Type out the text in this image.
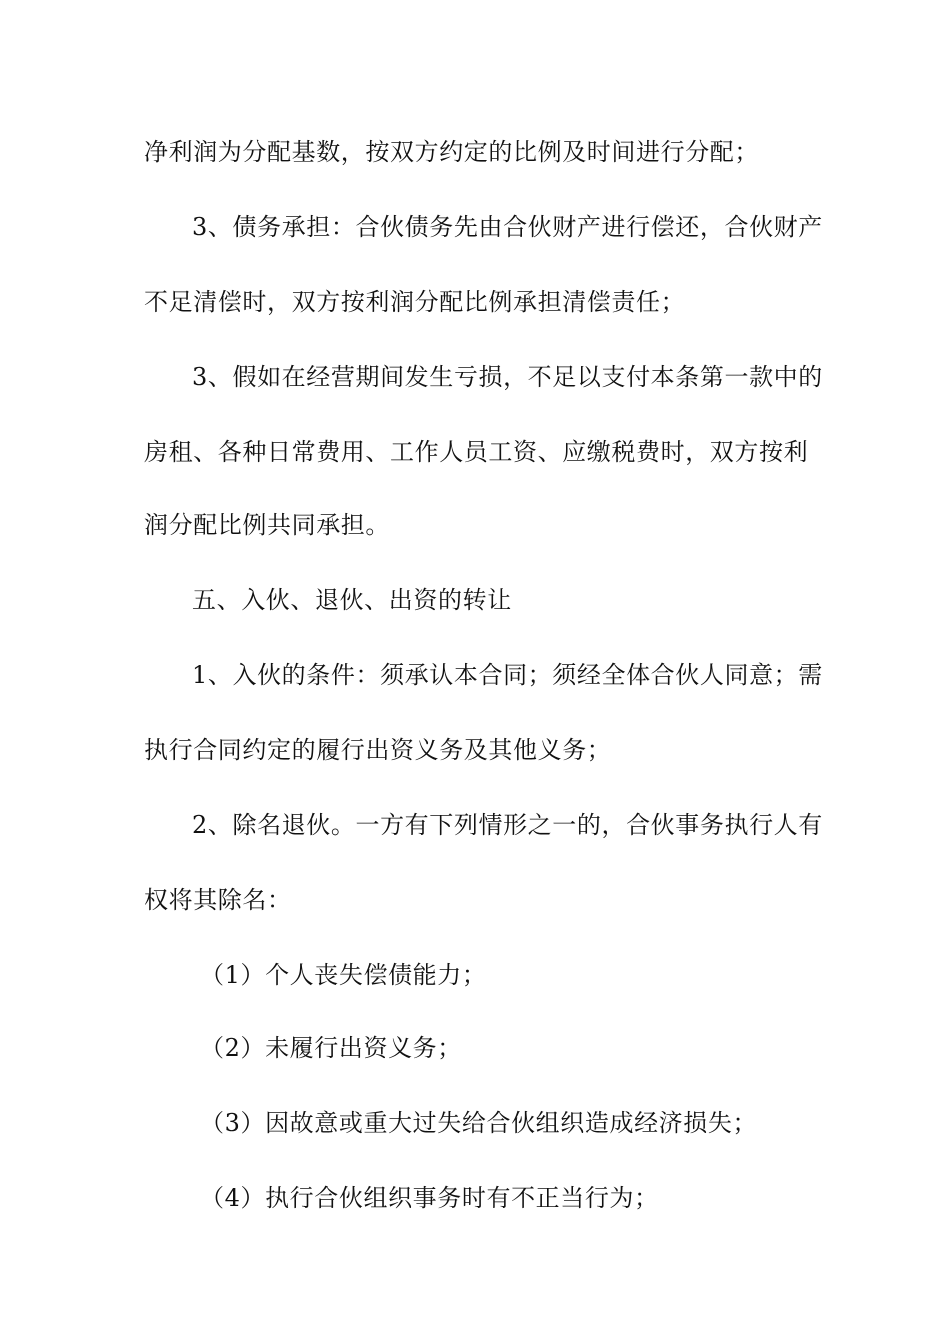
净利润为分配基数，按双方约定的比例及时间进行分配；
3、债务承担：合伙债务先由合伙财产进行偿还，合伙财产
不足清偿时，双方按利润分配比例承担清偿责任；
3、假如在经营期间发生亏损，不足以支付本条第一款中的
房租、各种日常费用、工作人员工资、应缴税费时，双方按利
润分配比例共同承担。
五、入伙、退伙、出资的转让
1、入伙的条件：须承认本合同；须经全体合伙人同意；需
执行合同约定的履行出资义务及其他义务；
2、除名退伙。一方有下列情形之一的，合伙事务执行人有
权将其除名：
（1）个人丧失偿债能力；
（2）未履行出资义务；
（3）因故意或重大过失给合伙组织造成经济损失；
（4）执行合伙组织事务时有不正当行为；
